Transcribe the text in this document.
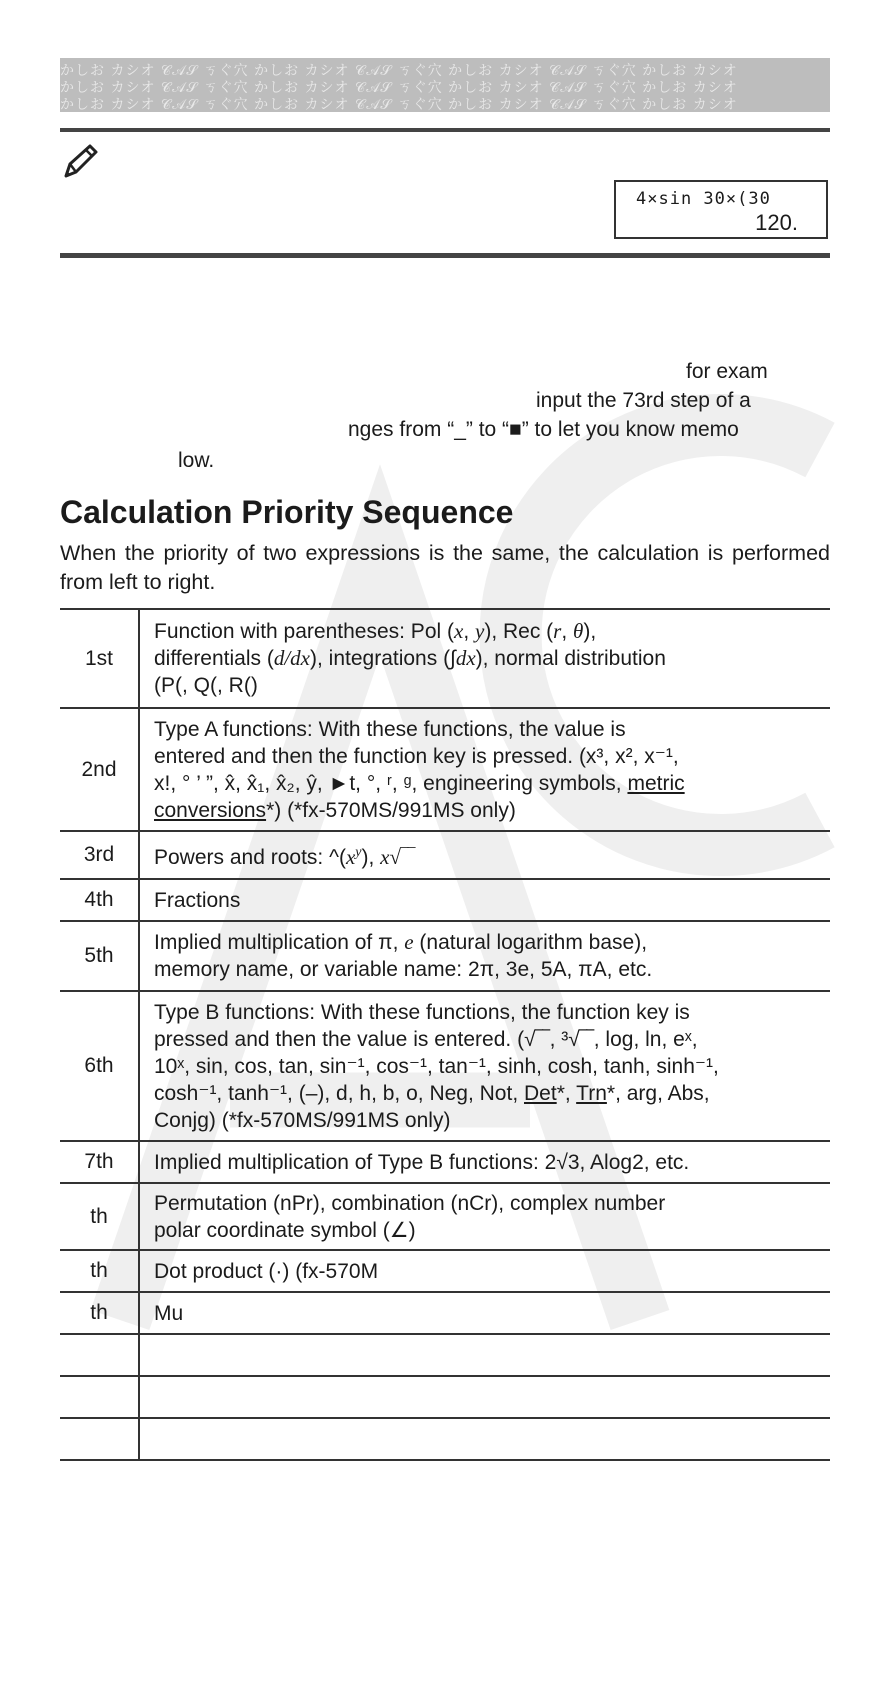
かしお カシオ 𝒞𝒜𝒮 ㄎぐ穴 かしお カシオ 𝒞𝒜𝒮 ㄎぐ穴 かしお カシオ 𝒞𝒜𝒮 ㄎぐ穴 かしお カシオ
かしお カシオ 𝒞𝒜𝒮 ㄎぐ穴 かしお カシオ 𝒞𝒜𝒮 ㄎぐ穴 かしお カシオ 𝒞𝒜𝒮 ㄎぐ穴 かしお カシオ
かしお カシオ 𝒞𝒜𝒮 ㄎぐ穴 かしお カシオ 𝒞𝒜𝒮 ㄎぐ穴 かしお カシオ 𝒞𝒜𝒮 ㄎぐ穴 かしお カシオ
4×sin 30×(30
120.
for exam
input the 73rd step of a
nges from “_” to “■” to let you know memo
low.
Calculation Priority Sequence

When the priority of two expressions is the same, the calculation is performed from left to right.

1st	Function with parentheses: Pol (x, y), Rec (r, θ),
differentials (d/dx), integrations (∫dx), normal distribution
(P(, Q(, R()

2nd	Type A functions: With these functions, the value is
entered and then the function key is pressed. (x³, x², x⁻¹,
x!, ° ’ ”, x̂, x̂₁, x̂₂, ŷ, ►t, °, ʳ, ᵍ, engineering symbols, metric
conversions*) (*fx-570MS/991MS only)

3rd	Powers and roots: $\^{}(x^y)$, x√‾‾
4th	Fractions
5th	Implied multiplication of π, e (natural logarithm base),
memory name, or variable name: 2π, 3e, 5A, πA, etc.

6th	Type B functions: With these functions, the function key is
pressed and then the value is entered. (√‾‾, ³√‾‾, log, ln, eˣ,
10ˣ, sin, cos, tan, sin⁻¹, cos⁻¹, tan⁻¹, sinh, cosh, tanh, sinh⁻¹,
cosh⁻¹, tanh⁻¹, (–), d, h, b, o, Neg, Not, Det*, Trn*, arg, Abs,
Conjg) (*fx-570MS/991MS only)

7th	Implied multiplication of Type B functions: 2√3, Alog2, etc.
th	Permutation (nPr), combination (nCr), complex number
polar coordinate symbol (∠)

th	Dot product (·) (fx-570M
th	Mu
